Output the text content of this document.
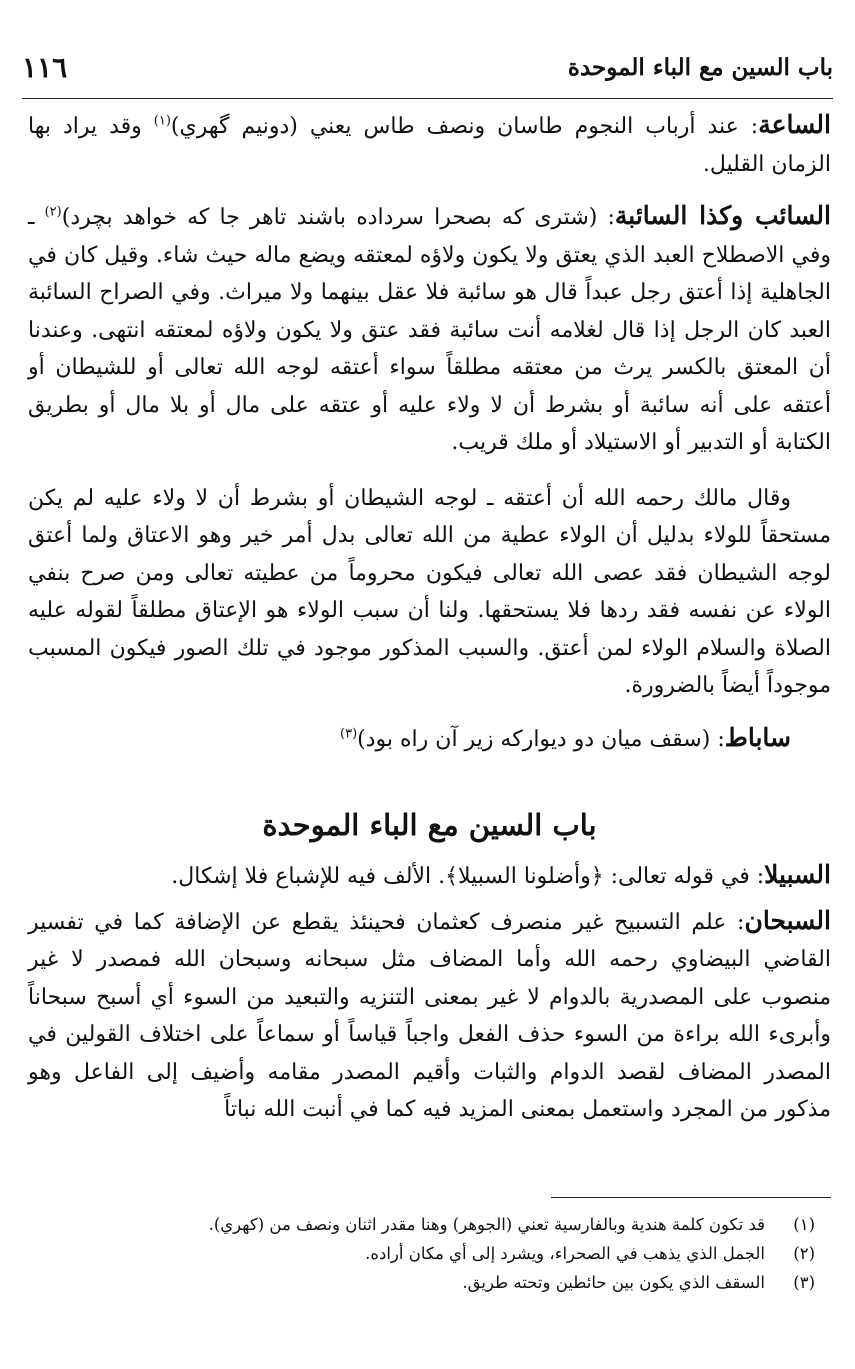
باب السين مع الباء الموحدة
١١٦

الساعة: عند أرباب النجوم طاسان ونصف طاس يعني (دونيم گهري)$^{(١)}$ وقد يراد بها الزمان القليل.

السائب وكذا السائبة: (شترى كه بصحرا سرداده باشند تاهر جا كه خواهد بچرد)$^{(٢)}$ ـ وفي الاصطلاح العبد الذي يعتق ولا يكون ولاؤه لمعتقه ويضع ماله حيث شاء. وقيل كان في الجاهلية إذا أعتق رجل عبداً قال هو سائبة فلا عقل بينهما ولا ميراث. وفي الصراح السائبة العبد كان الرجل إذا قال لغلامه أنت سائبة فقد عتق ولا يكون ولاؤه لمعتقه انتهى. وعندنا أن المعتق بالكسر يرث من معتقه مطلقاً سواء أعتقه لوجه الله تعالى أو للشيطان أو أعتقه على أنه سائبة أو بشرط أن لا ولاء عليه أو عتقه على مال أو بلا مال أو بطريق الكتابة أو التدبير أو الاستيلاد أو ملك قريب.

وقال مالك رحمه الله أن أعتقه ـ لوجه الشيطان أو بشرط أن لا ولاء عليه لم يكن مستحقاً للولاء بدليل أن الولاء عطية من الله تعالى بدل أمر خير وهو الاعتاق ولما أعتق لوجه الشيطان فقد عصى الله تعالى فيكون محروماً من عطيته تعالى ومن صرح بنفي الولاء عن نفسه فقد ردها فلا يستحقها. ولنا أن سبب الولاء هو الإعتاق مطلقاً لقوله عليه الصلاة والسلام الولاء لمن أعتق. والسبب المذكور موجود في تلك الصور فيكون المسبب موجوداً أيضاً بالضرورة.

ساباط: (سقف ميان دو ديواركه زير آن راه بود)$^{(٣)}$

باب السين مع الباء الموحدة

السبيلا: في قوله تعالى: ﴿وأضلونا السبيلا﴾. الألف فيه للإشباع فلا إشكال.

السبحان: علم التسبيح غير منصرف كعثمان فحينئذ يقطع عن الإضافة كما في تفسير القاضي البيضاوي رحمه الله وأما المضاف مثل سبحانه وسبحان الله فمصدر لا غير منصوب على المصدرية بالدوام لا غير بمعنى التنزيه والتبعيد من السوء أي أسبح سبحاناً وأبرىء الله براءة من السوء حذف الفعل واجباً قياساً أو سماعاً على اختلاف القولين في المصدر المضاف لقصد الدوام والثبات وأقيم المصدر مقامه وأضيف إلى الفاعل وهو مذكور من المجرد واستعمل بمعنى المزيد فيه كما في أنبت الله نباتاً

(١)
قد تكون كلمة هندية وبالفارسية تعني (الجوهر) وهنا مقدر اثنان ونصف من (كهري).
(٢)
الجمل الذي يذهب في الصحراء، ويشرد إلى أي مكان أراده.
(٣)
السقف الذي يكون بين حائطين وتحته طريق.
